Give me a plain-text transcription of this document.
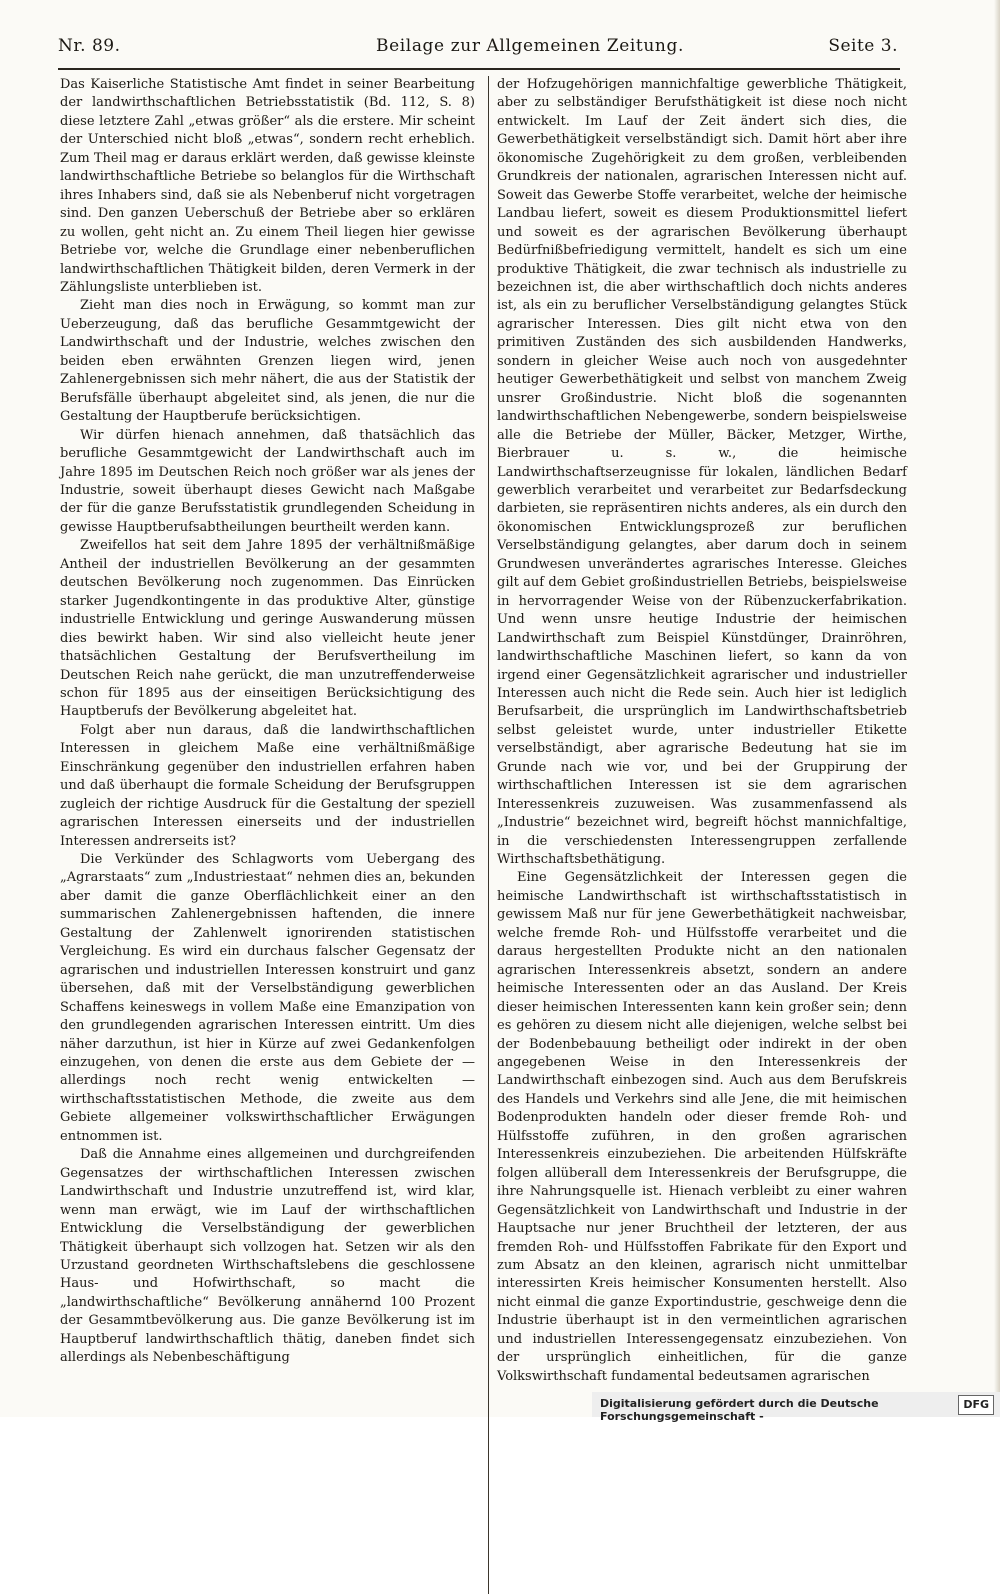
Nr. 89.	Beilage zur Allgemeinen Zeitung.	Seite 3.

Das Kaiserliche Statistische Amt findet in seiner Bearbeitung der landwirthschaftlichen Betriebsstatistik (Bd. 112, S. 8) diese letztere Zahl „etwas größer“ als die erstere. Mir scheint der Unterschied nicht bloß „etwas“, sondern recht erheblich. Zum Theil mag er daraus erklärt werden, daß gewisse kleinste landwirthschaftliche Betriebe so belanglos für die Wirthschaft ihres Inhabers sind, daß sie als Nebenberuf nicht vorgetragen sind. Den ganzen Ueberschuß der Betriebe aber so erklären zu wollen, geht nicht an. Zu einem Theil liegen hier gewisse Betriebe vor, welche die Grundlage einer nebenberuflichen landwirthschaftlichen Thätigkeit bilden, deren Vermerk in der Zählungsliste unterblieben ist.

Zieht man dies noch in Erwägung, so kommt man zur Ueberzeugung, daß das berufliche Gesammtgewicht der Landwirthschaft und der Industrie, welches zwischen den beiden eben erwähnten Grenzen liegen wird, jenen Zahlenergebnissen sich mehr nähert, die aus der Statistik der Berufsfälle überhaupt abgeleitet sind, als jenen, die nur die Gestaltung der Hauptberufe berücksichtigen.

Wir dürfen hienach annehmen, daß thatsächlich das berufliche Gesammtgewicht der Landwirthschaft auch im Jahre 1895 im Deutschen Reich noch größer war als jenes der Industrie, soweit überhaupt dieses Gewicht nach Maßgabe der für die ganze Berufsstatistik grundlegenden Scheidung in gewisse Hauptberufsabtheilungen beurtheilt werden kann.

Zweifellos hat seit dem Jahre 1895 der verhältnißmäßige Antheil der industriellen Bevölkerung an der gesammten deutschen Bevölkerung noch zugenommen. Das Einrücken starker Jugendkontingente in das produktive Alter, günstige industrielle Entwicklung und geringe Auswanderung müssen dies bewirkt haben. Wir sind also vielleicht heute jener thatsächlichen Gestaltung der Berufsvertheilung im Deutschen Reich nahe gerückt, die man unzutreffenderweise schon für 1895 aus der einseitigen Berücksichtigung des Hauptberufs der Bevölkerung abgeleitet hat.

Folgt aber nun daraus, daß die landwirthschaftlichen Interessen in gleichem Maße eine verhältnißmäßige Einschränkung gegenüber den industriellen erfahren haben und daß überhaupt die formale Scheidung der Berufsgruppen zugleich der richtige Ausdruck für die Gestaltung der speziell agrarischen Interessen einerseits und der industriellen Interessen andrerseits ist?

Die Verkünder des Schlagworts vom Uebergang des „Agrarstaats“ zum „Industriestaat“ nehmen dies an, bekunden aber damit die ganze Oberflächlichkeit einer an den summarischen Zahlenergebnissen haftenden, die innere Gestaltung der Zahlenwelt ignorirenden statistischen Vergleichung. Es wird ein durchaus falscher Gegensatz der agrarischen und industriellen Interessen konstruirt und ganz übersehen, daß mit der Verselbständigung gewerblichen Schaffens keineswegs in vollem Maße eine Emanzipation von den grundlegenden agrarischen Interessen eintritt. Um dies näher darzuthun, ist hier in Kürze auf zwei Gedankenfolgen einzugehen, von denen die erste aus dem Gebiete der — allerdings noch recht wenig entwickelten — wirthschaftsstatistischen Methode, die zweite aus dem Gebiete allgemeiner volkswirthschaftlicher Erwägungen entnommen ist.

Daß die Annahme eines allgemeinen und durchgreifenden Gegensatzes der wirthschaftlichen Interessen zwischen Landwirthschaft und Industrie unzutreffend ist, wird klar, wenn man erwägt, wie im Lauf der wirthschaftlichen Entwicklung die Verselbständigung der gewerblichen Thätigkeit überhaupt sich vollzogen hat. Setzen wir als den Urzustand geordneten Wirthschaftslebens die geschlossene Haus- und Hofwirthschaft, so macht die „landwirthschaftliche“ Bevölkerung annähernd 100 Prozent der Gesammtbevölkerung aus. Die ganze Bevölkerung ist im Hauptberuf landwirthschaftlich thätig, daneben findet sich allerdings als Nebenbeschäftigung

der Hofzugehörigen mannichfaltige gewerbliche Thätigkeit, aber zu selbständiger Berufsthätigkeit ist diese noch nicht entwickelt. Im Lauf der Zeit ändert sich dies, die Gewerbethätigkeit verselbständigt sich. Damit hört aber ihre ökonomische Zugehörigkeit zu dem großen, verbleibenden Grundkreis der nationalen, agrarischen Interessen nicht auf. Soweit das Gewerbe Stoffe verarbeitet, welche der heimische Landbau liefert, soweit es diesem Produktionsmittel liefert und soweit es der agrarischen Bevölkerung überhaupt Bedürfnißbefriedigung vermittelt, handelt es sich um eine produktive Thätigkeit, die zwar technisch als industrielle zu bezeichnen ist, die aber wirthschaftlich doch nichts anderes ist, als ein zu beruflicher Verselbständigung gelangtes Stück agrarischer Interessen. Dies gilt nicht etwa von den primitiven Zuständen des sich ausbildenden Handwerks, sondern in gleicher Weise auch noch von ausgedehnter heutiger Gewerbethätigkeit und selbst von manchem Zweig unsrer Großindustrie. Nicht bloß die sogenannten landwirthschaftlichen Nebengewerbe, sondern beispielsweise alle die Betriebe der Müller, Bäcker, Metzger, Wirthe, Bierbrauer u. s. w., die heimische Landwirthschaftserzeugnisse für lokalen, ländlichen Bedarf gewerblich verarbeitet und verarbeitet zur Bedarfsdeckung darbieten, sie repräsentiren nichts anderes, als ein durch den ökonomischen Entwicklungsprozeß zur beruflichen Verselbständigung gelangtes, aber darum doch in seinem Grundwesen unverändertes agrarisches Interesse. Gleiches gilt auf dem Gebiet großindustriellen Betriebs, beispielsweise in hervorragender Weise von der Rübenzuckerfabrikation. Und wenn unsre heutige Industrie der heimischen Landwirthschaft zum Beispiel Künstdünger, Drainröhren, landwirthschaftliche Maschinen liefert, so kann da von irgend einer Gegensätzlichkeit agrarischer und industrieller Interessen auch nicht die Rede sein. Auch hier ist lediglich Berufsarbeit, die ursprünglich im Landwirthschaftsbetrieb selbst geleistet wurde, unter industrieller Etikette verselbständigt, aber agrarische Bedeutung hat sie im Grunde nach wie vor, und bei der Gruppirung der wirthschaftlichen Interessen ist sie dem agrarischen Interessenkreis zuzuweisen. Was zusammenfassend als „Industrie“ bezeichnet wird, begreift höchst mannichfaltige, in die verschiedensten Interessengruppen zerfallende Wirthschaftsbethätigung.

Eine Gegensätzlichkeit der Interessen gegen die heimische Landwirthschaft ist wirthschaftsstatistisch in gewissem Maß nur für jene Gewerbethätigkeit nachweisbar, welche fremde Roh- und Hülfsstoffe verarbeitet und die daraus hergestellten Produkte nicht an den nationalen agrarischen Interessenkreis absetzt, sondern an andere heimische Interessenten oder an das Ausland. Der Kreis dieser heimischen Interessenten kann kein großer sein; denn es gehören zu diesem nicht alle diejenigen, welche selbst bei der Bodenbebauung betheiligt oder indirekt in der oben angegebenen Weise in den Interessenkreis der Landwirthschaft einbezogen sind. Auch aus dem Berufskreis des Handels und Verkehrs sind alle Jene, die mit heimischen Bodenprodukten handeln oder dieser fremde Roh- und Hülfsstoffe zuführen, in den großen agrarischen Interessenkreis einzubeziehen. Die arbeitenden Hülfskräfte folgen allüberall dem Interessenkreis der Berufsgruppe, die ihre Nahrungsquelle ist. Hienach verbleibt zu einer wahren Gegensätzlichkeit von Landwirthschaft und Industrie in der Hauptsache nur jener Bruchtheil der letzteren, der aus fremden Roh- und Hülfsstoffen Fabrikate für den Export und zum Absatz an den kleinen, agrarisch nicht unmittelbar interessirten Kreis heimischer Konsumenten herstellt. Also nicht einmal die ganze Exportindustrie, geschweige denn die Industrie überhaupt ist in den vermeintlichen agrarischen und industriellen Interessengegensatz einzubeziehen. Von der ursprünglich einheitlichen, für die ganze Volkswirthschaft fundamental bedeutsamen agrarischen

Digitalisierung gefördert durch die Deutsche Forschungsgemeinschaft -
DFG
